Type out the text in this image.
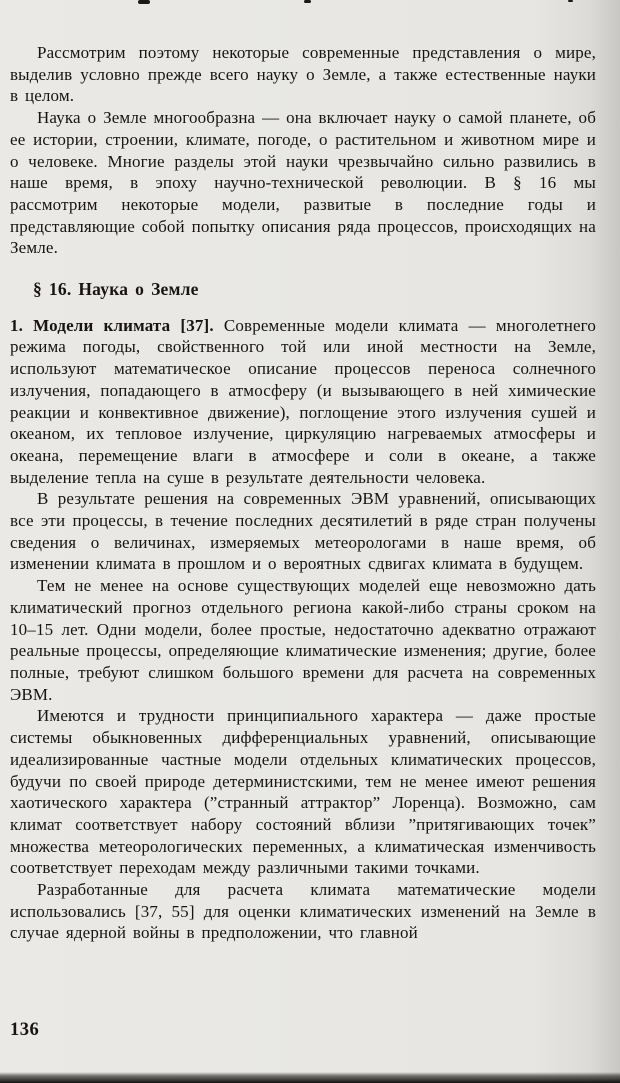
Рассмотрим поэтому некоторые современные представления о мире, выделив условно прежде всего науку о Земле, а также естественные науки в целом.

Наука о Земле многообразна — она включает науку о самой планете, об ее истории, строении, климате, погоде, о растительном и животном мире и о человеке. Многие разделы этой науки чрезвычайно сильно развились в наше время, в эпоху научно-технической революции. В § 16 мы рассмотрим некоторые модели, развитые в последние годы и представляющие собой попытку описания ряда процессов, происходящих на Земле.

§ 16. Наука о Земле

1. Модели климата [37]. Современные модели климата — многолетнего режима погоды, свойственного той или иной местности на Земле, используют математическое описание процессов переноса солнечного излучения, попадающего в атмосферу (и вызывающего в ней химические реакции и конвективное движение), поглощение этого излучения сушей и океаном, их тепловое излучение, циркуляцию нагреваемых атмосферы и океана, перемещение влаги в атмосфере и соли в океане, а также выделение тепла на суше в результате деятельности человека.

В результате решения на современных ЭВМ уравнений, описывающих все эти процессы, в течение последних десятилетий в ряде стран получены сведения о величинах, измеряемых метеорологами в наше время, об изменении климата в прошлом и о вероятных сдвигах климата в будущем.

Тем не менее на основе существующих моделей еще невозможно дать климатический прогноз отдельного региона какой-либо страны сроком на 10–15 лет. Одни модели, более простые, недостаточно адекватно отражают реальные процессы, определяющие климатические изменения; другие, более полные, требуют слишком большого времени для расчета на современных ЭВМ.

Имеются и трудности принципиального характера — даже простые системы обыкновенных дифференциальных уравнений, описывающие идеализированные частные модели отдельных климатических процессов, будучи по своей природе детерминистскими, тем не менее имеют решения хаотического характера (”странный аттрактор” Лоренца). Возможно, сам климат соответствует набору состояний вблизи ”притягивающих точек” множества метеорологических переменных, а климатическая изменчивость соответствует переходам между различными такими точками.

Разработанные для расчета климата математические модели использовались [37, 55] для оценки климатических изменений на Земле в случае ядерной войны в предположении, что главной

136
